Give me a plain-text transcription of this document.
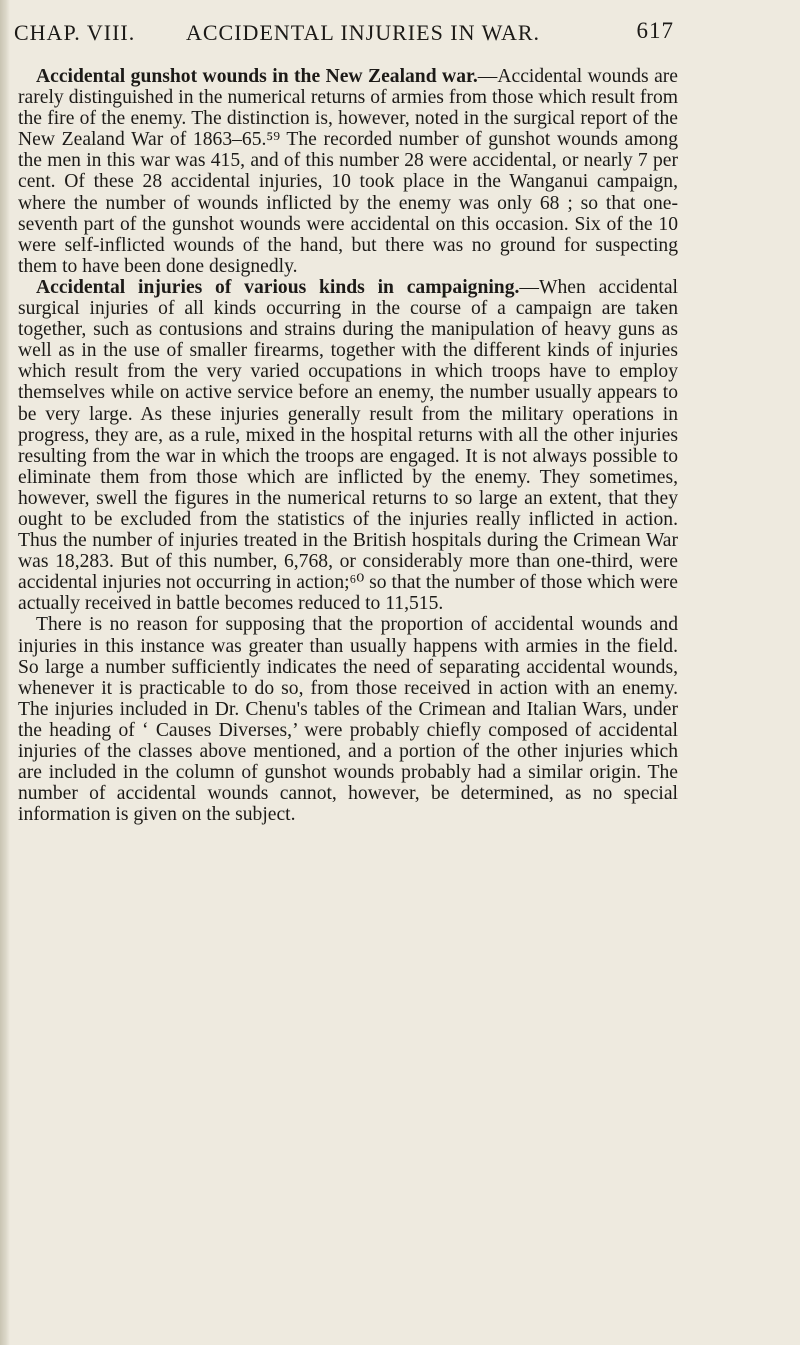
CHAP. VIII. ACCIDENTAL INJURIES IN WAR.	617

Accidental gunshot wounds in the New Zealand war.—Accidental wounds are rarely distinguished in the numerical returns of armies from those which result from the fire of the enemy. The distinction is, however, noted in the surgical report of the New Zealand War of 1863–65.⁵⁹ The recorded number of gunshot wounds among the men in this war was 415, and of this number 28 were accidental, or nearly 7 per cent. Of these 28 accidental injuries, 10 took place in the Wanganui campaign, where the number of wounds inflicted by the enemy was only 68 ; so that one-seventh part of the gunshot wounds were accidental on this occasion. Six of the 10 were self-inflicted wounds of the hand, but there was no ground for suspecting them to have been done designedly.

Accidental injuries of various kinds in campaigning.—When accidental surgical injuries of all kinds occurring in the course of a campaign are taken together, such as contusions and strains during the manipulation of heavy guns as well as in the use of smaller firearms, together with the different kinds of injuries which result from the very varied occupations in which troops have to employ themselves while on active service before an enemy, the number usually appears to be very large. As these injuries generally result from the military operations in progress, they are, as a rule, mixed in the hospital returns with all the other injuries resulting from the war in which the troops are engaged. It is not always possible to eliminate them from those which are inflicted by the enemy. They sometimes, however, swell the figures in the numerical returns to so large an extent, that they ought to be excluded from the statistics of the injuries really inflicted in action. Thus the number of injuries treated in the British hospitals during the Crimean War was 18,283. But of this number, 6,768, or considerably more than one-third, were accidental injuries not occurring in action;⁶⁰ so that the number of those which were actually received in battle becomes reduced to 11,515.

There is no reason for supposing that the proportion of accidental wounds and injuries in this instance was greater than usually happens with armies in the field. So large a number sufficiently indicates the need of separating accidental wounds, whenever it is practicable to do so, from those received in action with an enemy. The injuries included in Dr. Chenu's tables of the Crimean and Italian Wars, under the heading of ‘ Causes Diverses,’ were probably chiefly composed of accidental injuries of the classes above mentioned, and a portion of the other injuries which are included in the column of gunshot wounds probably had a similar origin. The number of accidental wounds cannot, however, be determined, as no special information is given on the subject.
